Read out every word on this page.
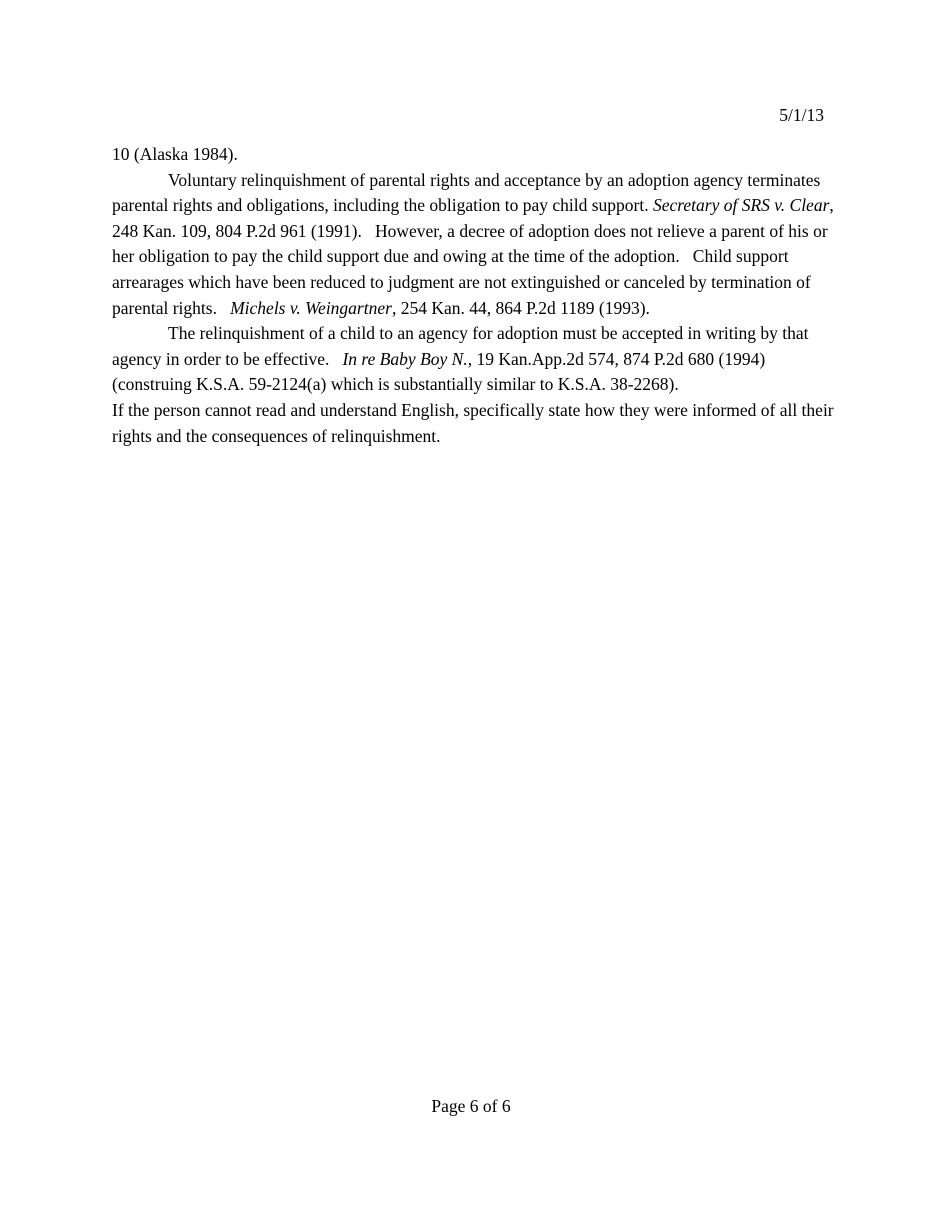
5/1/13

10 (Alaska 1984).

Voluntary relinquishment of parental rights and acceptance by an adoption agency terminates parental rights and obligations, including the obligation to pay child support. Secretary of SRS v. Clear, 248 Kan. 109, 804 P.2d 961 (1991). However, a decree of adoption does not relieve a parent of his or her obligation to pay the child support due and owing at the time of the adoption. Child support arrearages which have been reduced to judgment are not extinguished or canceled by termination of parental rights. Michels v. Weingartner, 254 Kan. 44, 864 P.2d 1189 (1993).

The relinquishment of a child to an agency for adoption must be accepted in writing by that agency in order to be effective. In re Baby Boy N., 19 Kan.App.2d 574, 874 P.2d 680 (1994) (construing K.S.A. 59-2124(a) which is substantially similar to K.S.A. 38-2268).

If the person cannot read and understand English, specifically state how they were informed of all their rights and the consequences of relinquishment.

Page 6 of 6
